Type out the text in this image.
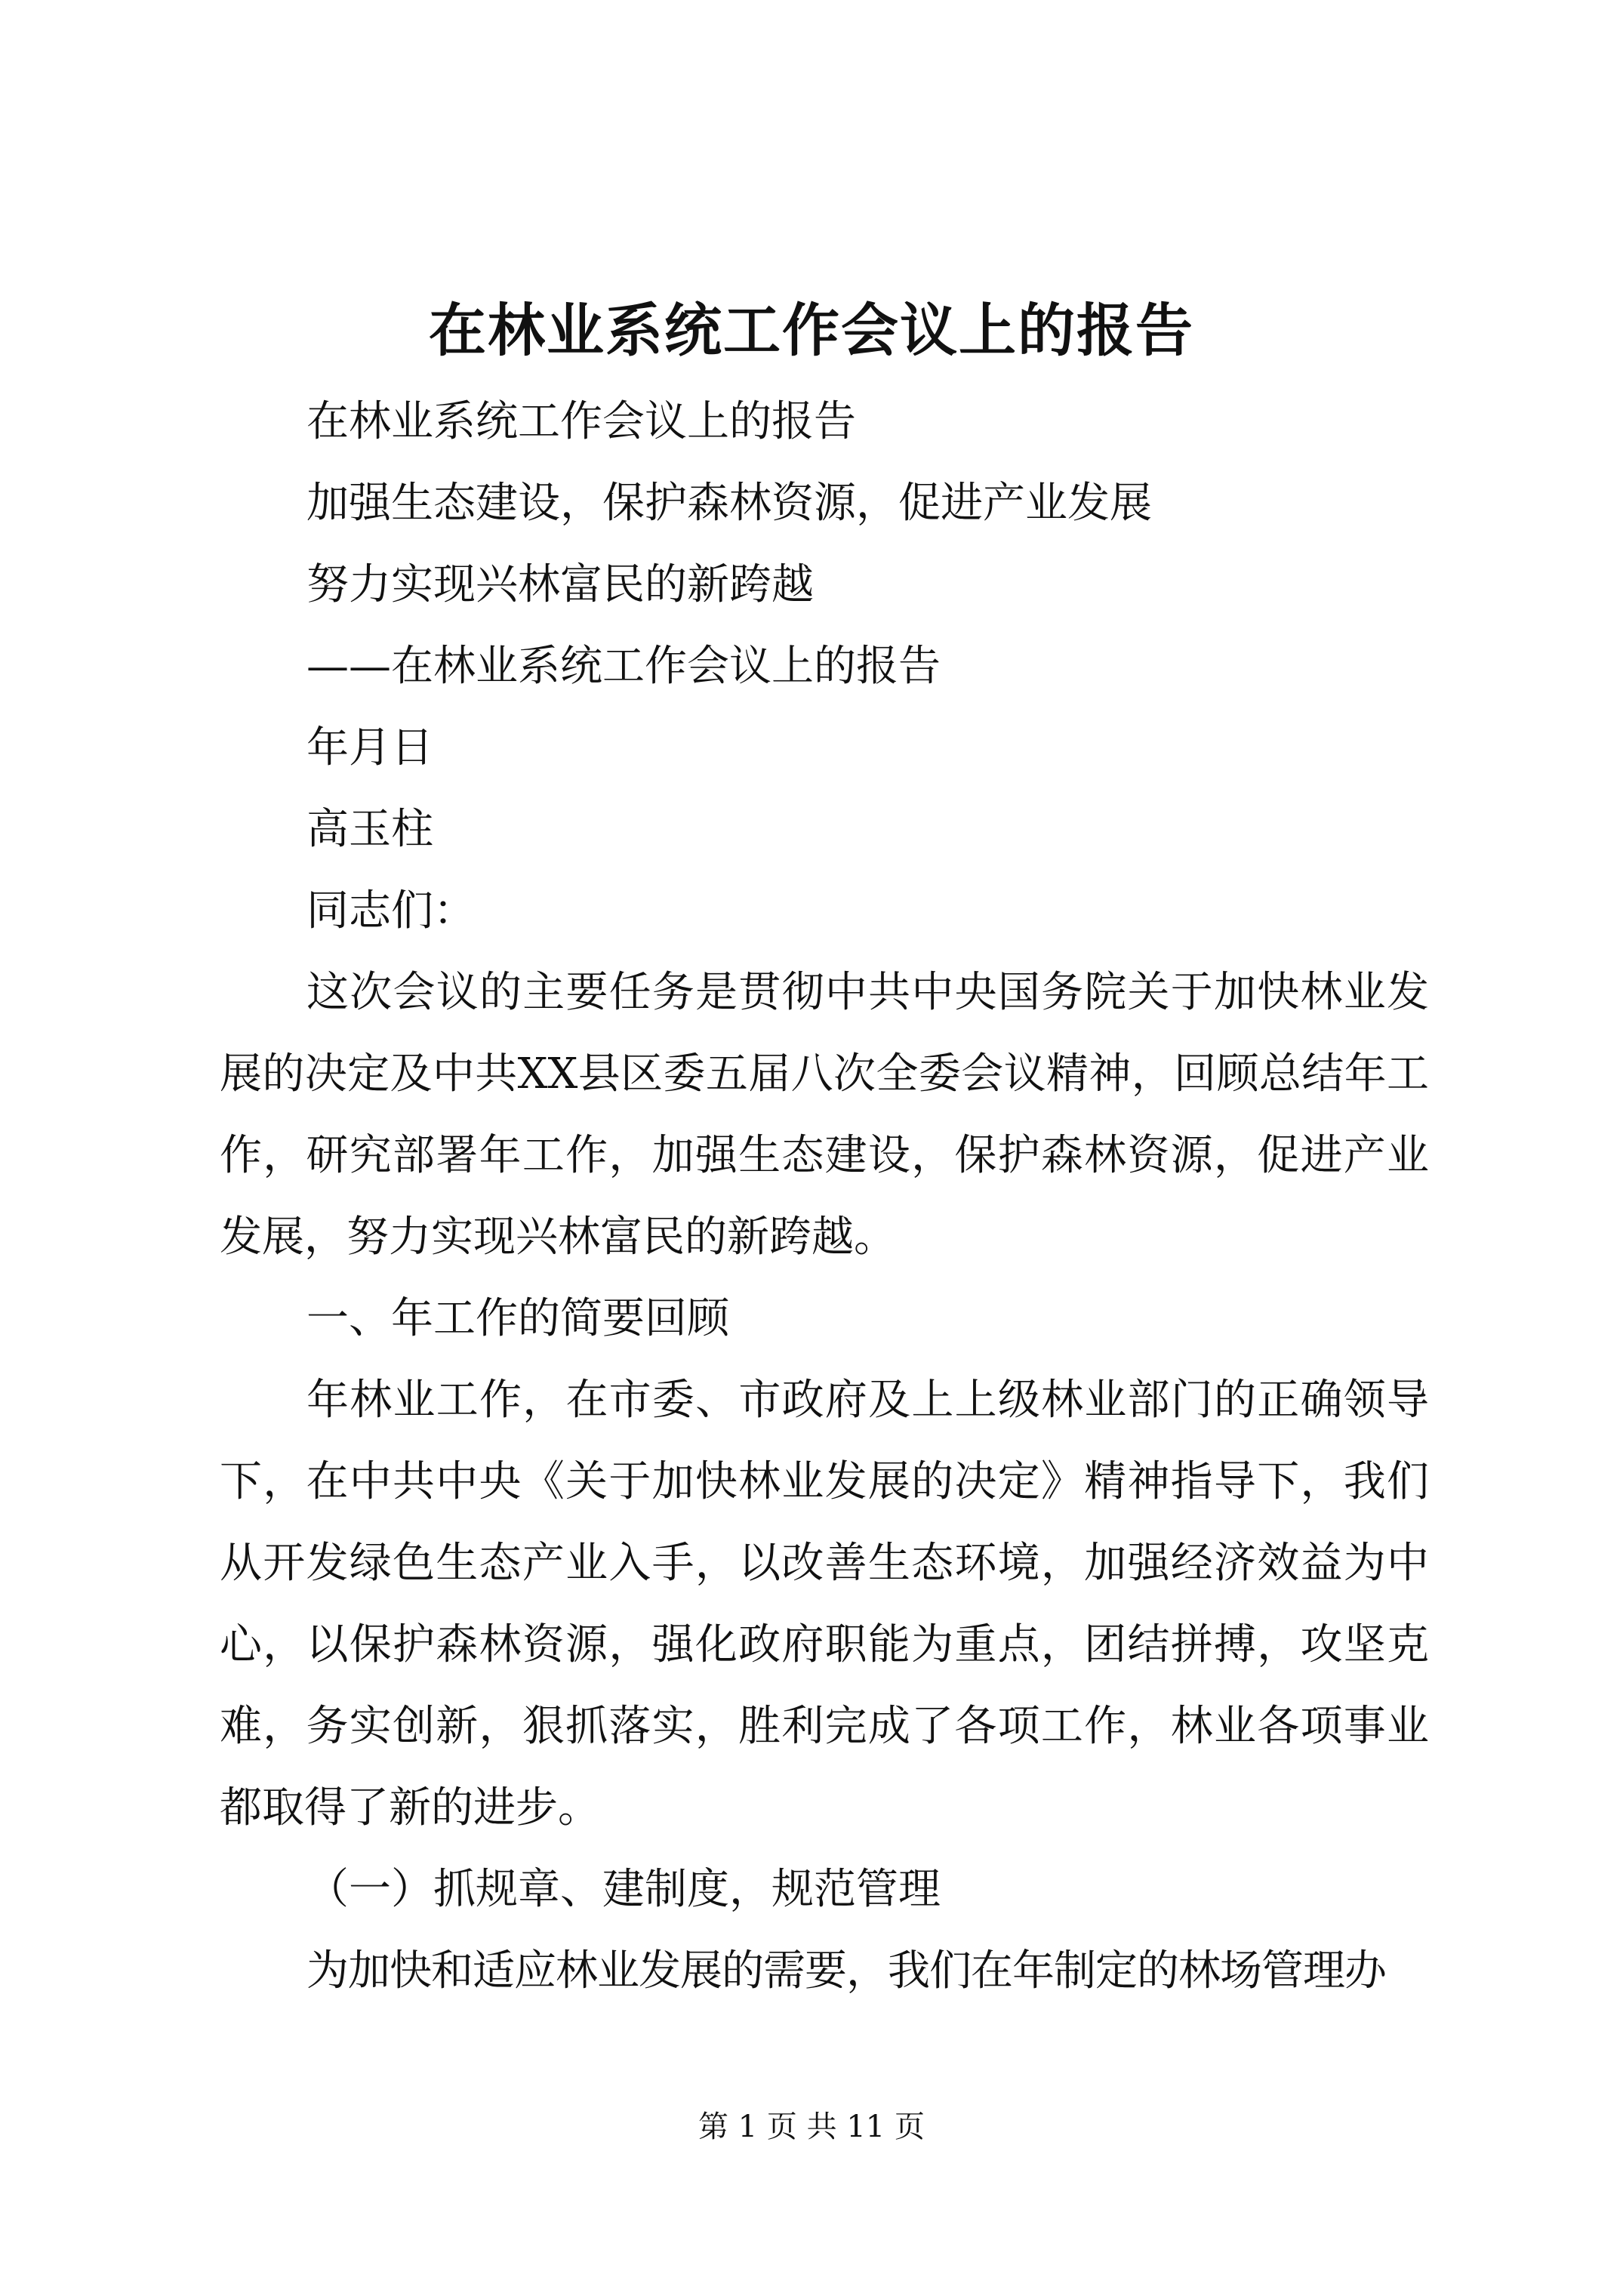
在林业系统工作会议上的报告
在林业系统工作会议上的报告
加强生态建设，保护森林资源，促进产业发展
努力实现兴林富民的新跨越
——在林业系统工作会议上的报告
年月日
高玉柱
同志们：
这次会议的主要任务是贯彻中共中央国务院关于加快林业发展的决定及中共XX县区委五届八次全委会议精神，回顾总结年工作，研究部署年工作，加强生态建设，保护森林资源，促进产业发展，努力实现兴林富民的新跨越。
一、年工作的简要回顾
年林业工作，在市委、市政府及上上级林业部门的正确领导下，在中共中央《关于加快林业发展的决定》精神指导下，我们从开发绿色生态产业入手，以改善生态环境，加强经济效益为中心，以保护森林资源，强化政府职能为重点，团结拼搏，攻坚克难，务实创新，狠抓落实，胜利完成了各项工作，林业各项事业都取得了新的进步。
（一）抓规章、建制度，规范管理
为加快和适应林业发展的需要，我们在年制定的林场管理办
第 1 页 共 11 页
